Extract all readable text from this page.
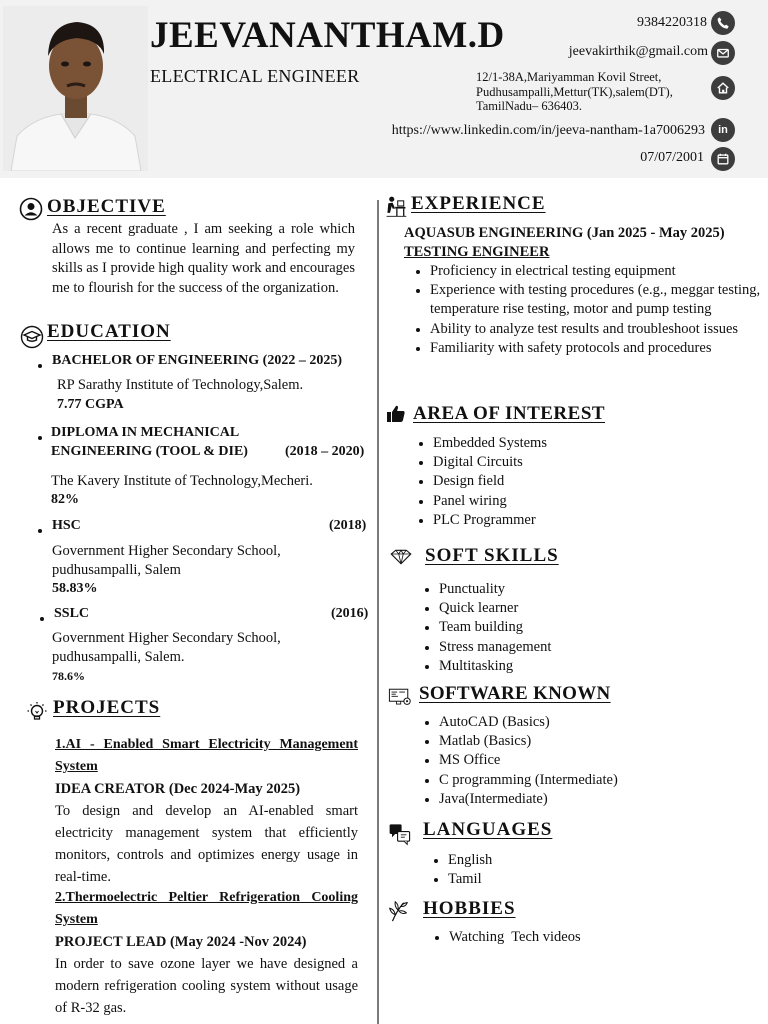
JEEVANANTHAM.D
ELECTRICAL ENGINEER
9384220318
jeevakirthik@gmail.com
12/1-38A,Mariyamman Kovil Street,
Pudhusampalli,Mettur(TK),salem(DT),
TamilNadu– 636403.
https://www.linkedin.com/in/jeeva-nantham-1a7006293 in
07/07/2001
OBJECTIVE
As a recent graduate , I am seeking a role which allows me to continue learning and perfecting my skills as I provide high quality work and encourages me to flourish for the success of the organization.
EDUCATION
BACHELOR OF ENGINEERING (2022 – 2025)
RP Sarathy Institute of Technology,Salem.
7.77 CGPA
DIPLOMA IN MECHANICAL
ENGINEERING (TOOL & DIE)	(2018 – 2020)
The Kavery Institute of Technology,Mecheri.
82%
HSC	(2018)
Government Higher Secondary School,
pudhusampalli, Salem
58.83%
SSLC	(2016)
Government Higher Secondary School,
pudhusampalli, Salem.
78.6%
PROJECTS
1.AI - Enabled Smart Electricity Management System
IDEA CREATOR (Dec 2024-May 2025)
To design and develop an AI-enabled smart electricity management system that efficiently monitors, controls and optimizes energy usage in real-time.
2.Thermoelectric Peltier Refrigeration Cooling System
PROJECT LEAD (May 2024 -Nov 2024)
In order to save ozone layer we have designed a modern refrigeration cooling system without usage of R-32 gas.
EXPERIENCE
AQUASUB ENGINEERING (Jan 2025 - May 2025)
TESTING ENGINEER
Proficiency in electrical testing equipment
Experience with testing procedures (e.g., meggar testing, temperature rise testing, motor and pump testing
Ability to analyze test results and troubleshoot issues
Familiarity with safety protocols and procedures
AREA OF INTEREST
Embedded Systems
Digital Circuits
Design field
Panel wiring
PLC Programmer
SOFT SKILLS
Punctuality
Quick learner
Team building
Stress management
Multitasking
SOFTWARE KNOWN
AutoCAD (Basics)
Matlab (Basics)
MS Office
C programming (Intermediate)
Java(Intermediate)
LANGUAGES
English
Tamil
HOBBIES
Watching  Tech videos
